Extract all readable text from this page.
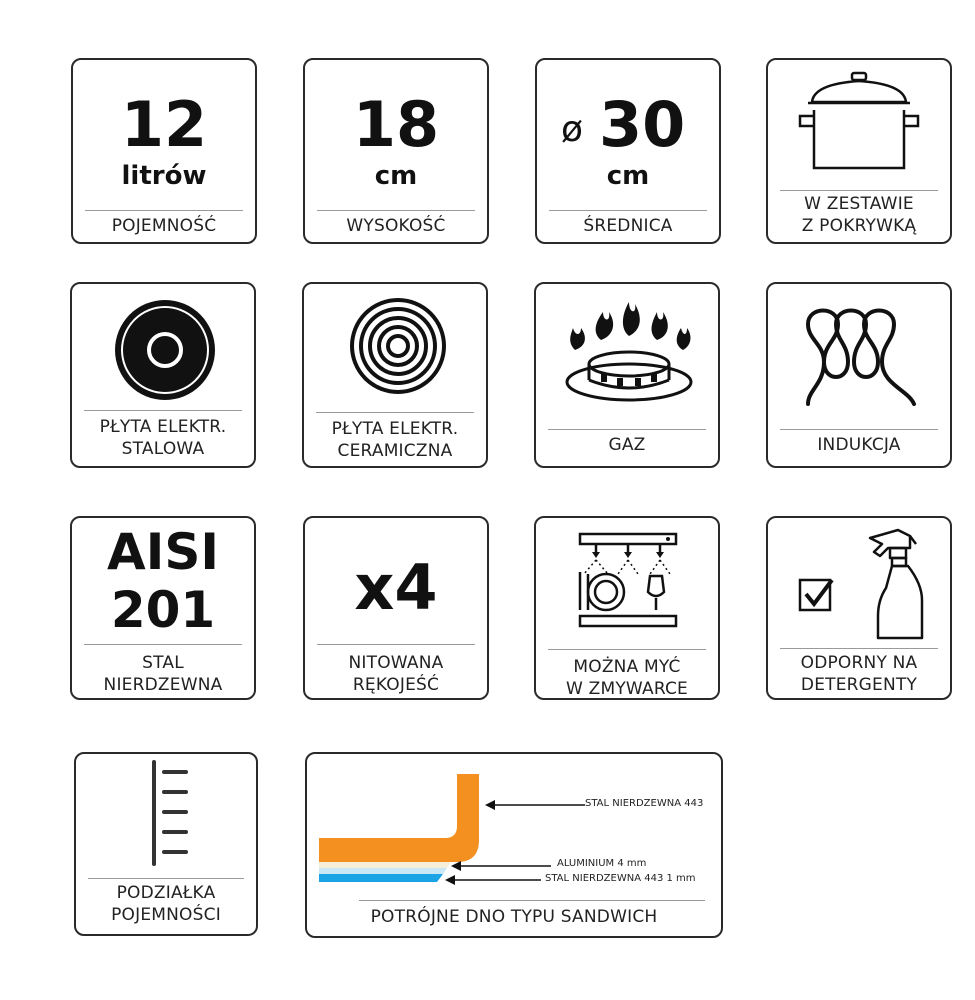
12
litrów
POJEMNOŚĆ
18
cm
WYSOKOŚĆ
ø 30
cm
ŚREDNICA
W ZESTAWIE
Z POKRYWKĄ
PŁYTA ELEKTR.
STALOWA
PŁYTA ELEKTR.
CERAMICZNA	GAZ	INDUKCJA
AISI
201
STAL
NIERDZEWNA
x4
NITOWANA
RĘKOJEŚĆ
MOŻNA MYĆ
W ZMYWARCE
ODPORNY NA
DETERGENTY
PODZIAŁKA
POJEMNOŚCI
STAL NIERDZEWNA 443
ALUMINIUM 4 mm
STAL NIERDZEWNA 443 1 mm
POTRÓJNE DNO TYPU SANDWICH
